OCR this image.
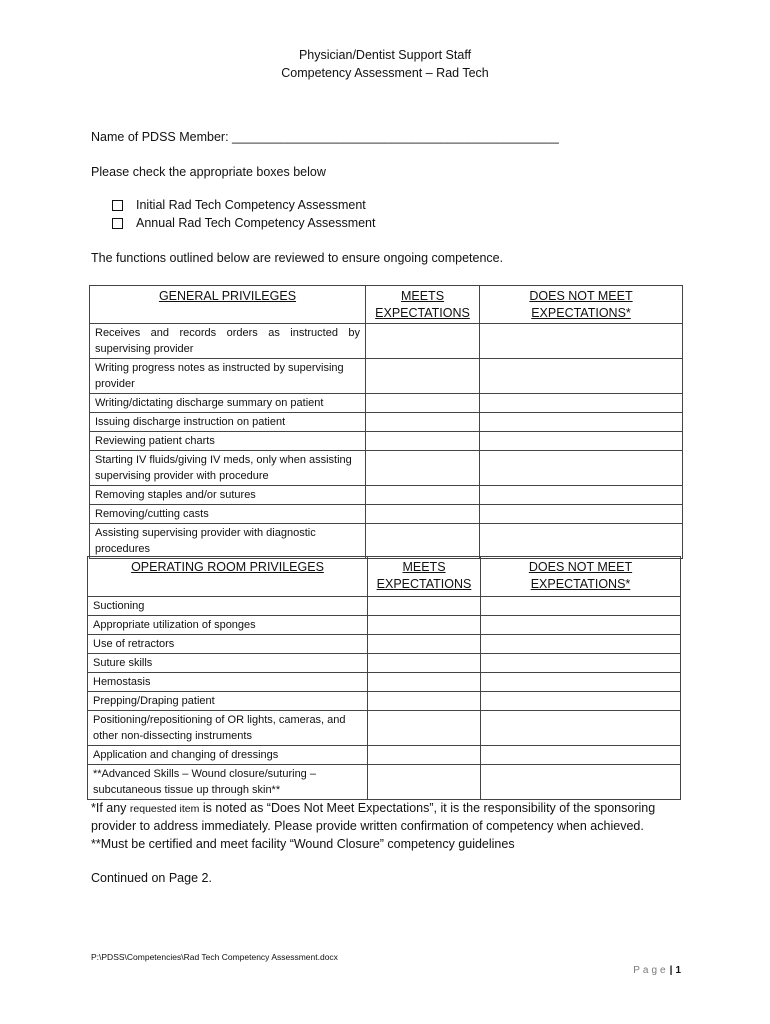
Physician/Dentist Support Staff
Competency Assessment – Rad Tech
Name of PDSS Member: _______________________________________________
Please check the appropriate boxes below
Initial Rad Tech Competency Assessment
Annual Rad Tech Competency Assessment
The functions outlined below are reviewed to ensure ongoing competence.
GENERAL PRIVILEGES	MEETS EXPECTATIONS	DOES NOT MEET EXPECTATIONS*
Receives and records orders as instructed by supervising provider		
Writing progress notes as instructed by supervising provider		
Writing/dictating discharge summary on patient		
Issuing discharge instruction on patient		
Reviewing patient charts		
Starting IV fluids/giving IV meds, only when assisting supervising provider with procedure		
Removing staples and/or sutures		
Removing/cutting casts		
Assisting supervising provider with diagnostic procedures		
OPERATING ROOM PRIVILEGES	MEETS EXPECTATIONS	DOES NOT MEET EXPECTATIONS*
Suctioning		
Appropriate utilization of sponges		
Use of retractors		
Suture skills		
Hemostasis		
Prepping/Draping patient		
Positioning/repositioning of OR lights, cameras, and other non-dissecting instruments		
Application and changing of dressings		
**Advanced Skills – Wound closure/suturing – subcutaneous tissue up through skin**		
*If any requested item is noted as “Does Not Meet Expectations”, it is the responsibility of the sponsoring
provider to address immediately. Please provide written confirmation of competency when achieved.
**Must be certified and meet facility “Wound Closure” competency guidelines
Continued on Page 2.
P:\PDSS\Competencies\Rad Tech Competency Assessment.docx
Page| 1
